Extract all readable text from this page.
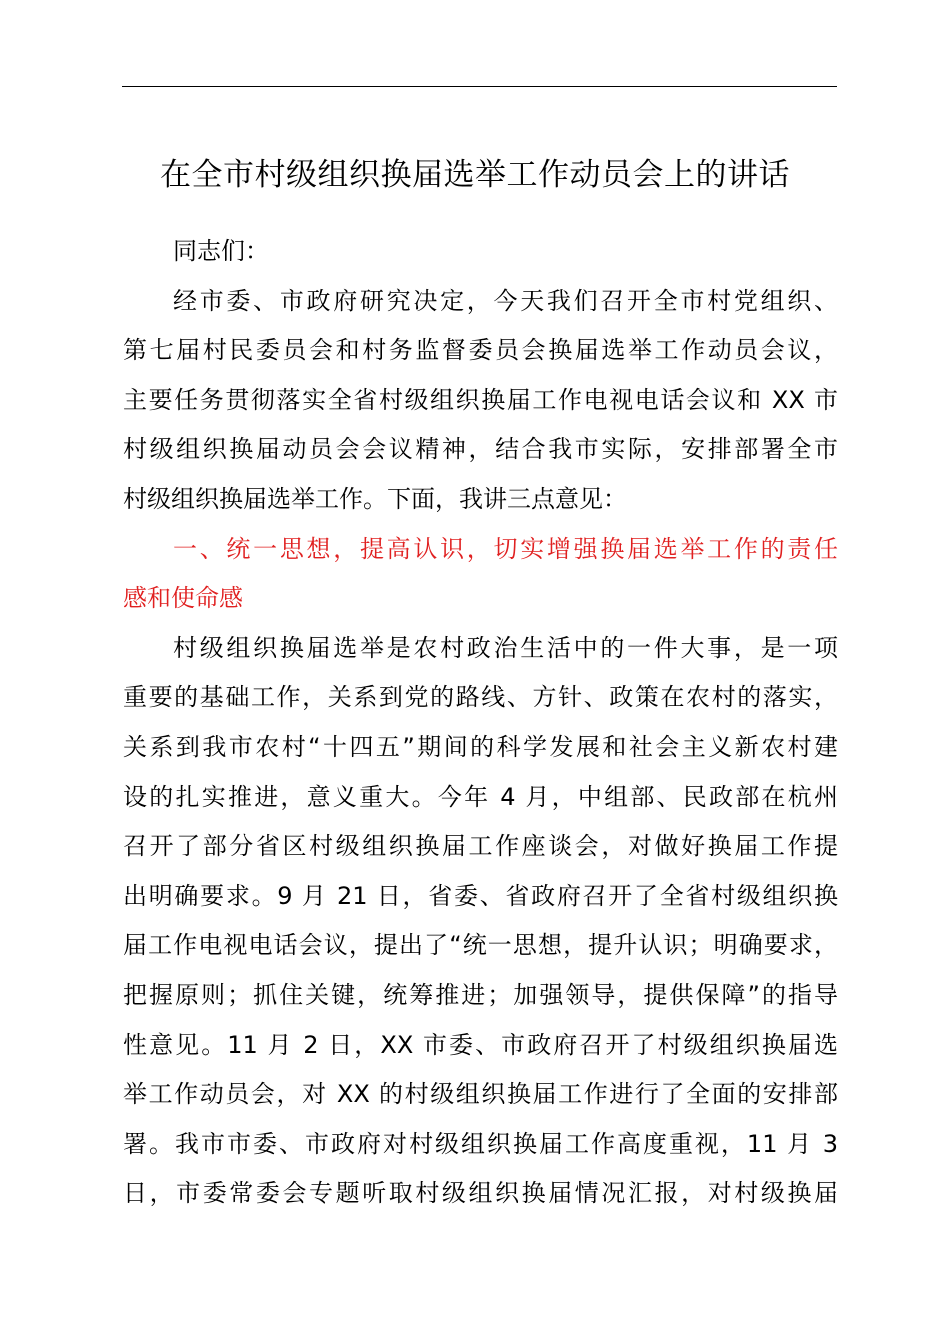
在全市村级组织换届选举工作动员会上的讲话
同志们：
经市委、市政府研究决定，今天我们召开全市村党组织、
第七届村民委员会和村务监督委员会换届选举工作动员会议，
主要任务贯彻落实全省村级组织换届工作电视电话会议和 XX 市
村级组织换届动员会会议精神，结合我市实际，安排部署全市
村级组织换届选举工作。下面，我讲三点意见：
一、统一思想，提高认识，切实增强换届选举工作的责任
感和使命感
村级组织换届选举是农村政治生活中的一件大事，是一项
重要的基础工作，关系到党的路线、方针、政策在农村的落实，
关系到我市农村“十四五”期间的科学发展和社会主义新农村建
设的扎实推进，意义重大。今年 4 月，中组部、民政部在杭州
召开了部分省区村级组织换届工作座谈会，对做好换届工作提
出明确要求。9 月 21 日，省委、省政府召开了全省村级组织换
届工作电视电话会议，提出了“统一思想，提升认识；明确要求，
把握原则；抓住关键，统筹推进；加强领导，提供保障”的指导
性意见。11 月 2 日，XX 市委、市政府召开了村级组织换届选
举工作动员会，对 XX 的村级组织换届工作进行了全面的安排部
署。我市市委、市政府对村级组织换届工作高度重视，11 月 3
日，市委常委会专题听取村级组织换届情况汇报，对村级换届
